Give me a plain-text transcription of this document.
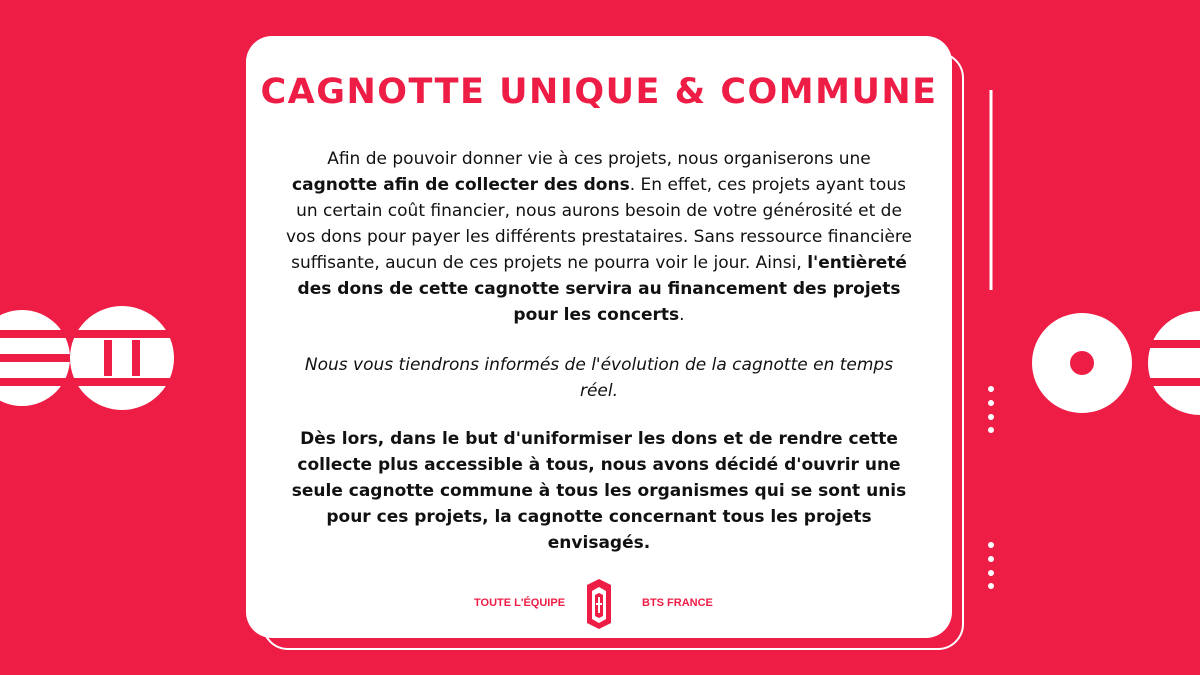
CAGNOTTE UNIQUE & COMMUNE

Afin de pouvoir donner vie à ces projets, nous organiserons une cagnotte afin de collecter des dons. En effet, ces projets ayant tous un certain coût financier, nous aurons besoin de votre générosité et de vos dons pour payer les différents prestataires. Sans ressource financière suffisante, aucun de ces projets ne pourra voir le jour. Ainsi, l'entièreté des dons de cette cagnotte servira au financement des projets pour les concerts.

Nous vous tiendrons informés de l'évolution de la cagnotte en temps réel.

Dès lors, dans le but d'uniformiser les dons et de rendre cette collecte plus accessible à tous, nous avons décidé d'ouvrir une seule cagnotte commune à tous les organismes qui se sont unis pour ces projets, la cagnotte concernant tous les projets envisagés.

TOUTE L'ÉQUIPE	BTS FRANCE
